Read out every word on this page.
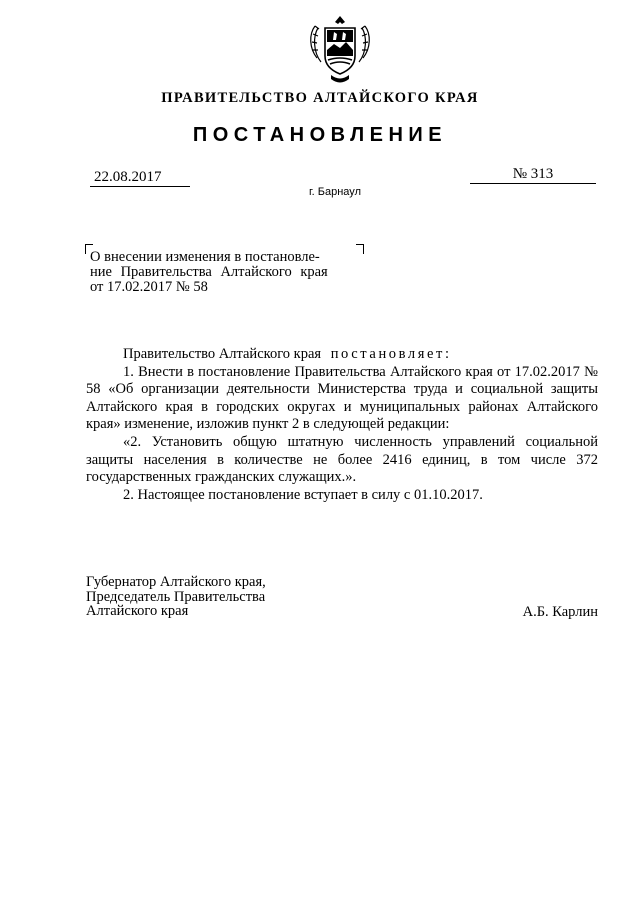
ПРАВИТЕЛЬСТВО АЛТАЙСКОГО КРАЯ
ПОСТАНОВЛЕНИЕ
22.08.2017	№ 313
г. Барнаул
О внесении изменения в постановле-
ние Правительства Алтайского края
от 17.02.2017 № 58

Правительство Алтайского края постановляет:

1. Внести в постановление Правительства Алтайского края от 17.02.2017 № 58 «Об организации деятельности Министерства труда и социальной защиты Алтайского края в городских округах и муниципальных районах Алтайского края» изменение, изложив пункт 2 в следующей редакции:

«2. Установить общую штатную численность управлений социальной защиты населения в количестве не более 2416 единиц, в том числе 372 государственных гражданских служащих.».

2. Настоящее постановление вступает в силу с 01.10.2017.

Губернатор Алтайского края,
Председатель Правительства
Алтайского края	А.Б. Карлин
